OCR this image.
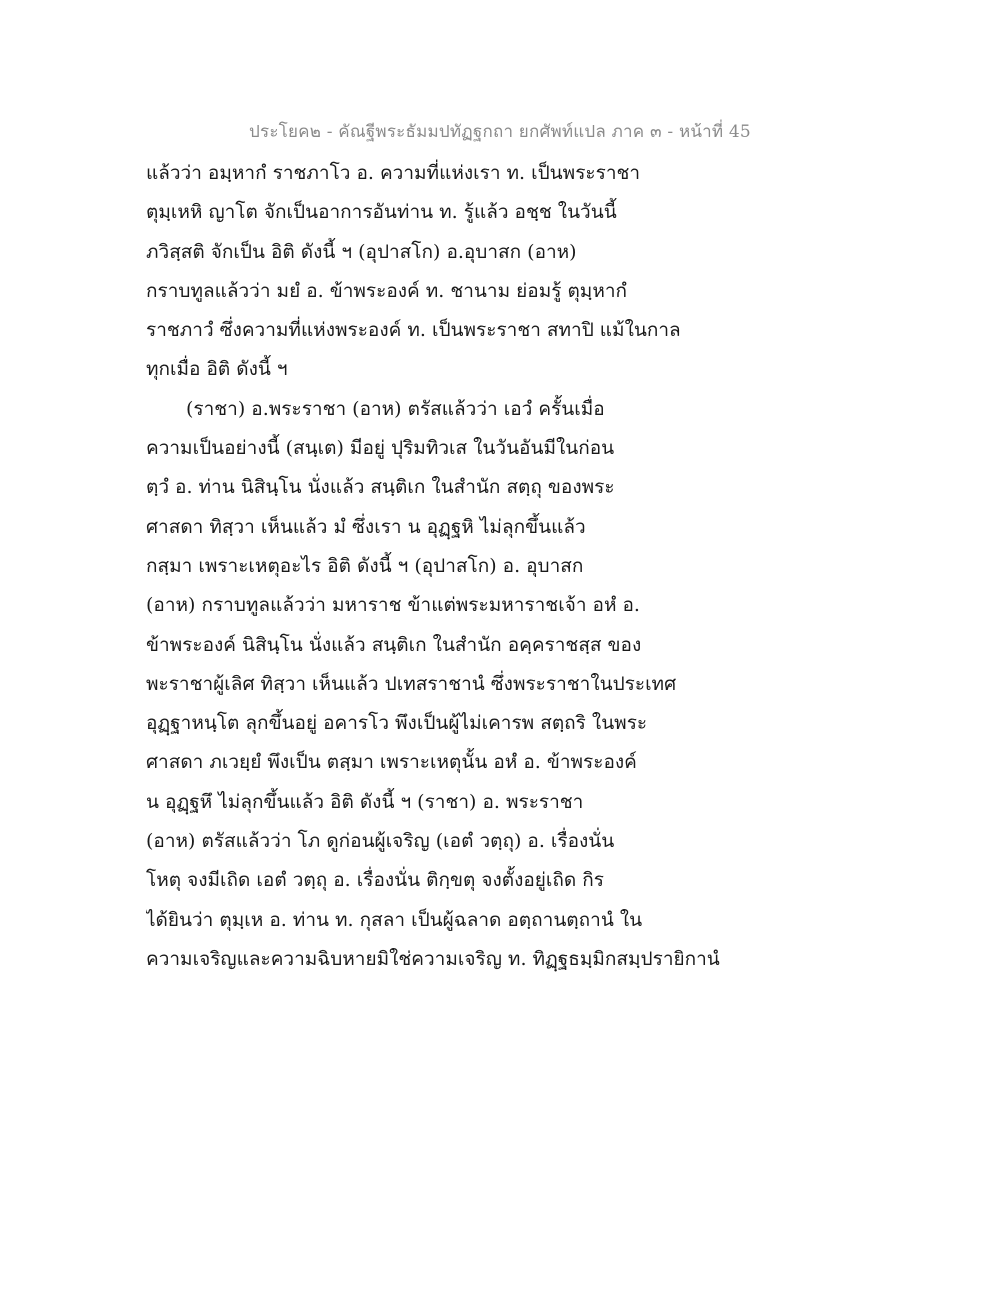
ประโยค๒ - คัณฐีพระธัมมปทัฏฐกถา ยกศัพท์แปล ภาค ๓ - หน้าที่ 45
แล้วว่า อมฺหากํ ราชภาโว อ. ความที่แห่งเรา ท. เป็นพระราชา
ตุมฺเหหิ ญาโต จักเป็นอาการอันท่าน ท. รู้แล้ว อชฺช ในวันนี้
ภวิสฺสติ จักเป็น อิติ ดังนี้ ฯ (อุปาสโก) อ.อุบาสก (อาห)
กราบทูลแล้วว่า มยํ อ. ข้าพระองค์ ท. ชานาม ย่อมรู้ ตุมฺหากํ
ราชภาวํ ซึ่งความที่แห่งพระองค์ ท. เป็นพระราชา สทาปิ แม้ในกาล
ทุกเมื่อ อิติ ดังนี้ ฯ
(ราชา) อ.พระราชา (อาห) ตรัสแล้วว่า เอวํ ครั้นเมื่อ
ความเป็นอย่างนี้ (สนฺเต) มีอยู่ ปุริมทิวเส ในวันอันมีในก่อน
ตฺวํ อ. ท่าน นิสินฺโน นั่งแล้ว สนฺติเก ในสำนัก สตฺถุ ของพระ
ศาสดา ทิสฺวา เห็นแล้ว มํ ซึ่งเรา น อุฏฺฐหิ ไม่ลุกขึ้นแล้ว
กสฺมา เพราะเหตุอะไร อิติ ดังนี้ ฯ (อุปาสโก) อ. อุบาสก
(อาห) กราบทูลแล้วว่า มหาราช ข้าแต่พระมหาราชเจ้า อหํ อ.
ข้าพระองค์ นิสินฺโน นั่งแล้ว สนฺติเก ในสำนัก อคฺคราชสฺส ของ
พะราชาผู้เลิศ ทิสฺวา เห็นแล้ว ปเทสราชานํ ซึ่งพระราชาในประเทศ
อุฏฺฐาหนฺโต ลุกขึ้นอยู่ อคารโว พึงเป็นผู้ไม่เคารพ สตฺถริ ในพระ
ศาสดา ภเวยฺยํ พึงเป็น ตสฺมา เพราะเหตุนั้น อหํ อ. ข้าพระองค์
น อุฏฺฐหึ ไม่ลุกขึ้นแล้ว อิติ ดังนี้ ฯ (ราชา) อ. พระราชา
(อาห) ตรัสแล้วว่า โภ ดูก่อนผู้เจริญ (เอตํ วตฺถุ) อ. เรื่องนั่น
โหตุ จงมีเถิด เอตํ วตฺถุ อ. เรื่องนั่น ติกฺขตุ จงตั้งอยู่เถิด กิร
ได้ยินว่า ตุมฺเห อ. ท่าน ท. กุสลา เป็นผู้ฉลาด อตฺถานตฺถานํ ใน
ความเจริญและความฉิบหายมิใช่ความเจริญ ท. ทิฏฺฐธมฺมิกสมฺปรายิกานํ
